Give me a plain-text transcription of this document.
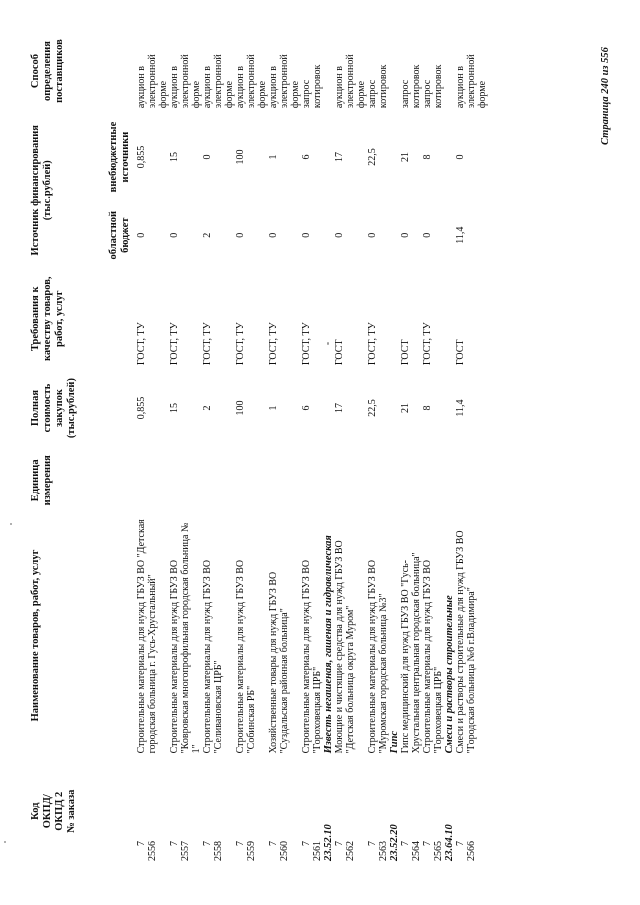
Код ОКПД/ ОКПД 2 № заказа	Наименование товаров, работ, услуг	Единица измерения	Полная стоимость закупок (тыс.рублей)	Требования к качеству товаров, работ, услуг	Источник финансирования (тыс.рублей)		Способ определения поставщиков
					областной бюджет	внебюджетные источники	
7 2556	Строительные материалы для нужд ГБУЗ ВО "Детская городская больница г. Гусь-Хрустальный"		0,855	ГОСТ, ТУ	0	0,855	аукцион в электронной форме
7 2557	Строительные материалы для нужд ГБУЗ ВО "Ковровская многопрофильная городская больница № 1"		15	ГОСТ, ТУ	0	15	аукцион в электронной форме
7 2558	Строительные материалы для нужд ГБУЗ ВО "Селивановская ЦРБ"		2	ГОСТ, ТУ	2	0	аукцион в электронной форме
7 2559	Строительные материалы для нужд ГБУЗ ВО "Собинская РБ"		100	ГОСТ, ТУ	0	100	аукцион в электронной форме
7 2560	Хозяйственные товары для нужд ГБУЗ ВО "Суздальская районная больница"		1	ГОСТ, ТУ	0	1	аукцион в электронной форме
7 2561	Строительные материалы для нужд ГБУЗ ВО "Гороховецкая ЦРБ"		6	ГОСТ, ТУ	0	6	запрос котировок
23.52.10	Известь негашеная, гашеная и гидравлическая						
7 2562	Моющие и чистящие средства для нужд ГБУЗ ВО "Детская больница округа Муром"		17	ГОСТ	0	17	аукцион в электронной форме
7 2563	Строительные материалы для нужд ГБУЗ ВО "Муромская городская больница №3"		22,5	ГОСТ, ТУ	0	22,5	запрос котировок
23.52.20	Гипс						
7 2564	Гипс медицинский для нужд ГБУЗ ВО "Гусь-Хрустальная центральная городская больница"		21	ГОСТ	0	21	запрос котировок
7 2565	Строительные материалы для нужд ГБУЗ ВО "Гороховецкая ЦРБ"		8	ГОСТ, ТУ	0	8	запрос котировок
23.64.10	Смеси и растворы строительные						
7 2566	Смеси и растворы строительные для нужд ГБУЗ ВО "Городская больница №6 г.Владимира"		11,4	ГОСТ	11,4	0	аукцион в электронной форме	Страница 240 из 556
